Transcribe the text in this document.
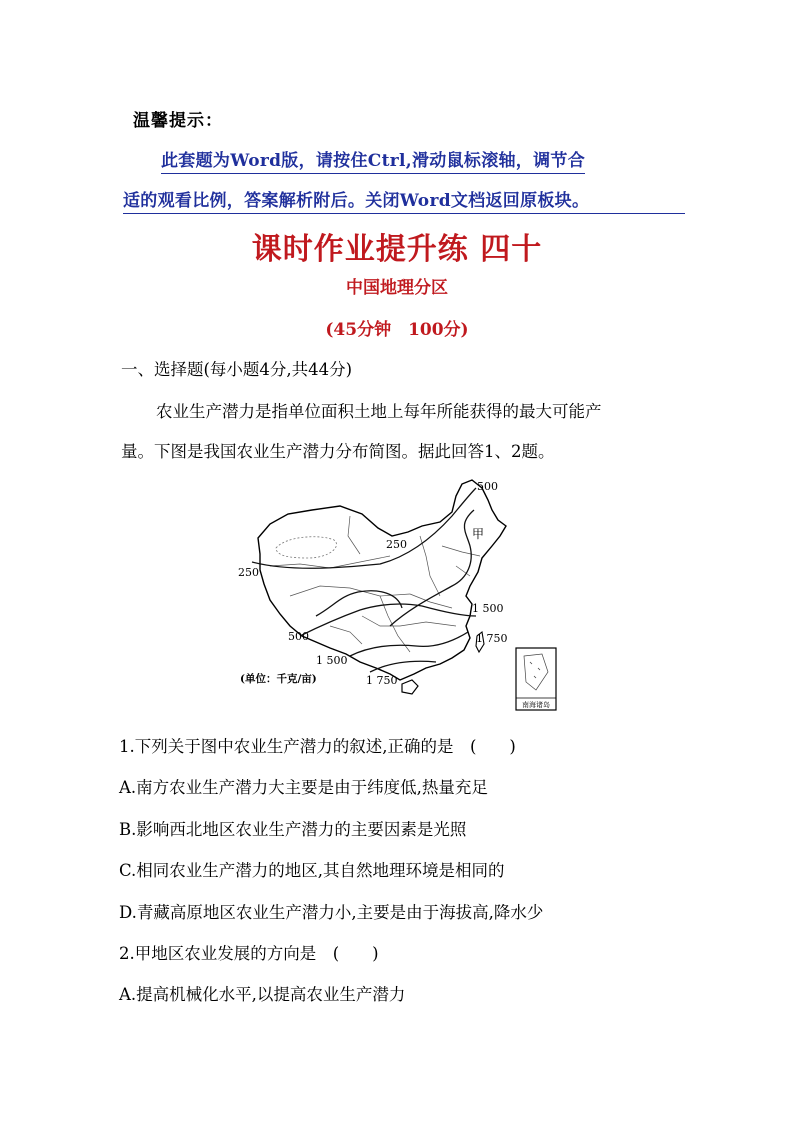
温馨提示：
此套题为Word版，请按住Ctrl,滑动鼠标滚轴，调节合
适的观看比例，答案解析附后。关闭Word文档返回原板块。
课时作业提升练 四十
中国地理分区
(45分钟　100分)
一、选择题(每小题4分,共44分)
农业生产潜力是指单位面积土地上每年所能获得的最大可能产
量。下图是我国农业生产潜力分布简图。据此回答1、2题。
南海诸岛
500
甲
250
250
1 500
500	1 750
1 500
1 750
(单位：千克/亩)
1.下列关于图中农业生产潜力的叙述,正确的是　(　　)
A.南方农业生产潜力大主要是由于纬度低,热量充足
B.影响西北地区农业生产潜力的主要因素是光照
C.相同农业生产潜力的地区,其自然地理环境是相同的
D.青藏高原地区农业生产潜力小,主要是由于海拔高,降水少
2.甲地区农业发展的方向是　(　　)
A.提高机械化水平,以提高农业生产潜力
